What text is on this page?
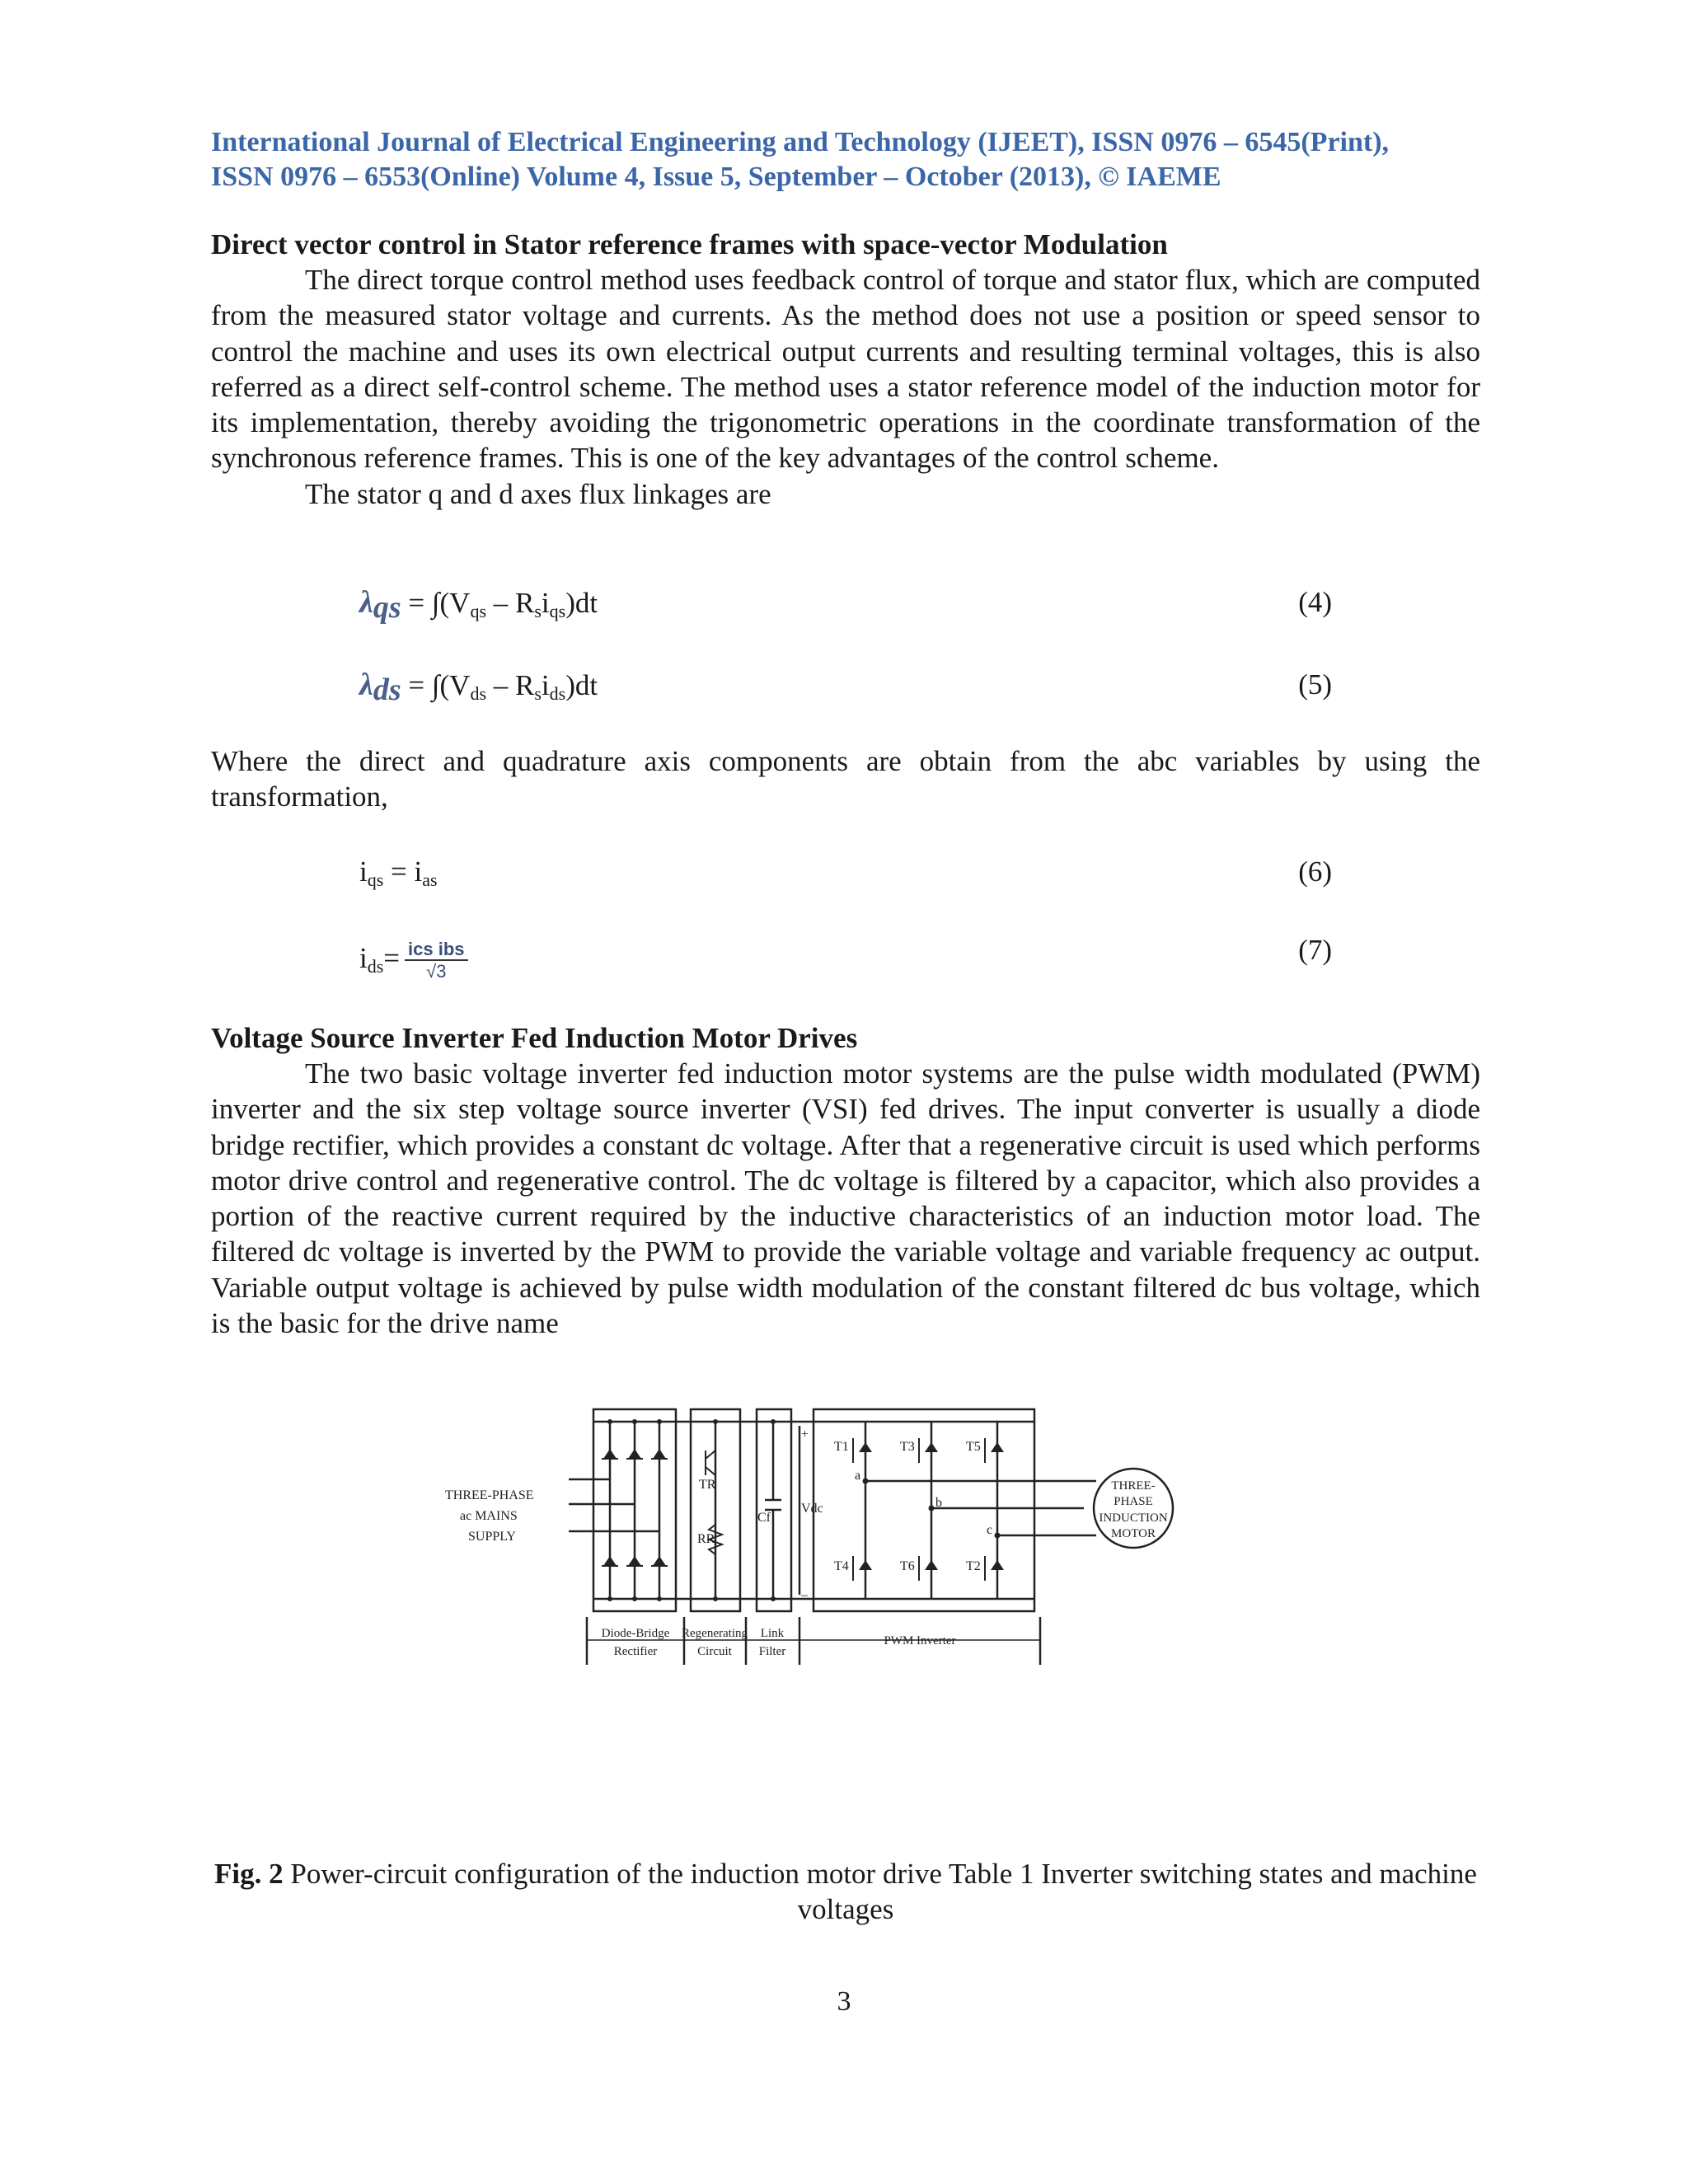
International Journal of Electrical Engineering and Technology (IJEET), ISSN 0976 – 6545(Print),
ISSN 0976 – 6553(Online) Volume 4, Issue 5, September – October (2013), © IAEME
Direct vector control in Stator reference frames with space-vector Modulation

The direct torque control method uses feedback control of torque and stator flux, which are computed from the measured stator voltage and currents. As the method does not use a position or speed sensor to control the machine and uses its own electrical output currents and resulting terminal voltages, this is also referred as a direct self-control scheme. The method uses a stator reference model of the induction motor for its implementation, thereby avoiding the trigonometric operations in the coordinate transformation of the synchronous reference frames. This is one of the key advantages of the control scheme.

The stator q and d axes flux linkages are

$\lambda_{qs} = \int(V_{qs} - R_si_{qs})dt$	(4)
$\lambda_{ds} = \int(V_{ds} - R_si_{ds})dt$	(5)

Where the direct and quadrature axis components are obtain from the abc variables by using the transformation,

$i_{qs} = i_{as}$	(6)
$i_{ds}= \frac{\text{ics ibs}}{√3}$	(7)
Voltage Source Inverter Fed Induction Motor Drives

The two basic voltage inverter fed induction motor systems are the pulse width modulated (PWM) inverter and the six step voltage source inverter (VSI) fed drives. The input converter is usually a diode bridge rectifier, which provides a constant dc voltage. After that a regenerative circuit is used which performs motor drive control and regenerative control. The dc voltage is filtered by a capacitor, which also provides a portion of the reactive current required by the inductive characteristics of an induction motor load. The filtered dc voltage is inverted by the PWM to provide the variable voltage and variable frequency ac output. Variable output voltage is achieved by pulse width modulation of the constant filtered dc bus voltage, which is the basic for the drive name

THREE-PHASE
ac MAINS
SUPPLY
TR
RR
Cf
Vdc
+
–
T1	T3	T5
T4	T6	T2
a
b
c
THREE-
PHASE
INDUCTION
MOTOR
Diode-Bridge
Rectifier
Regenerating
Circuit
Link
Filter
PWM Inverter
Fig. 2 Power-circuit configuration of the induction motor drive Table 1 Inverter switching states and machine voltages
3
